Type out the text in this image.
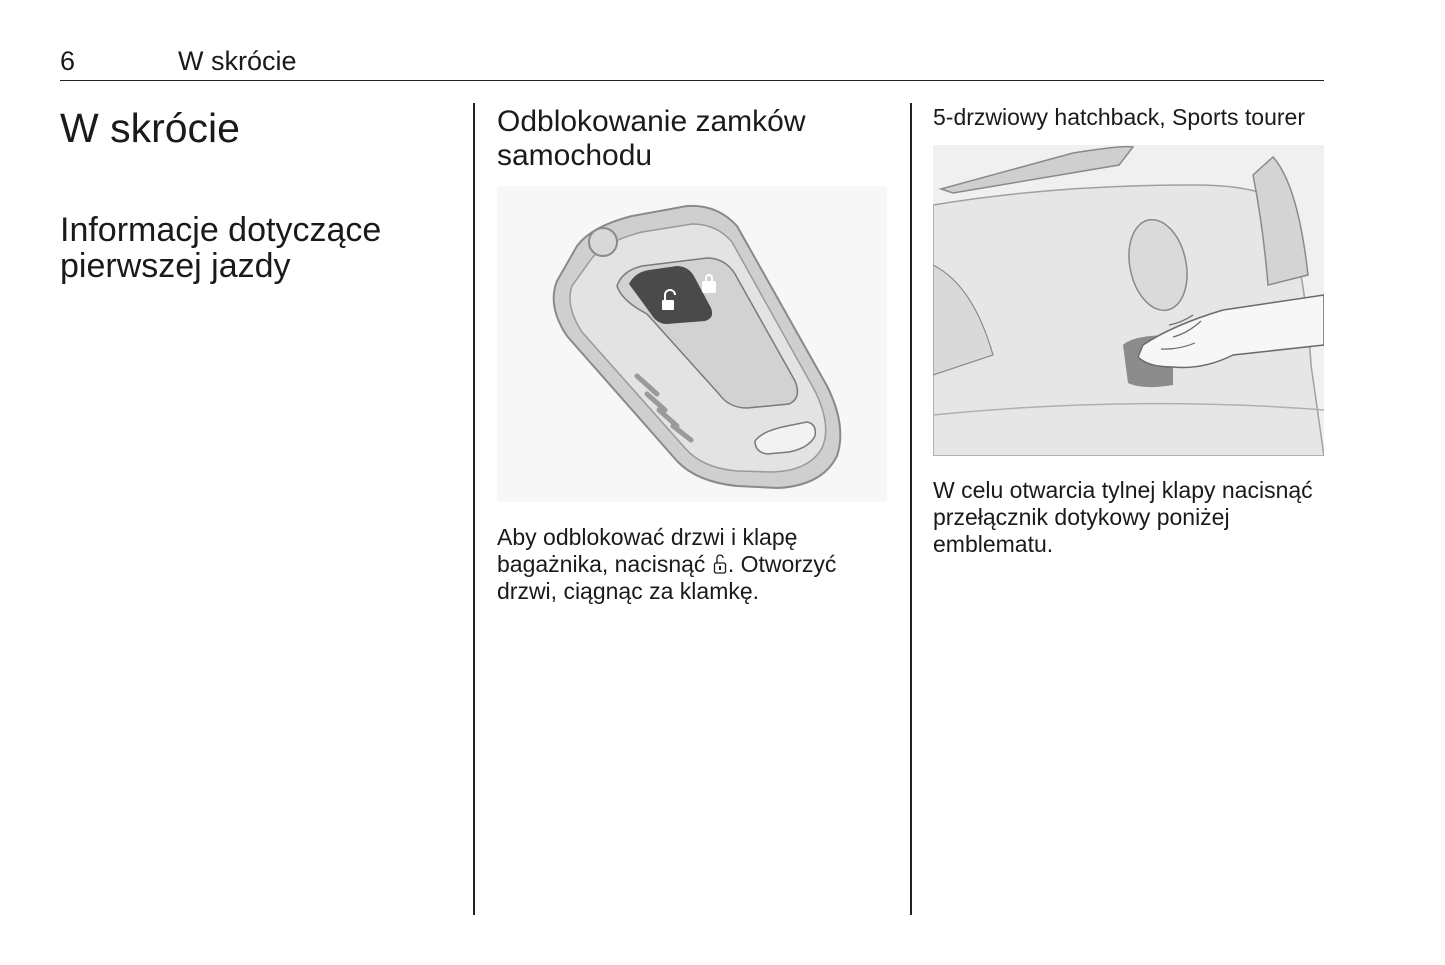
6	W skrócie
W skrócie
Informacje dotyczące pierwszej jazdy
Odblokowanie zamków samochodu

Aby odblokować drzwi i klapę bagażnika, nacisnąć . Otworzyć drzwi, ciągnąc za klamkę.

5-drzwiowy hatchback, Sports tourer

W celu otwarcia tylnej klapy nacisnąć przełącznik dotykowy poniżej emblematu.
